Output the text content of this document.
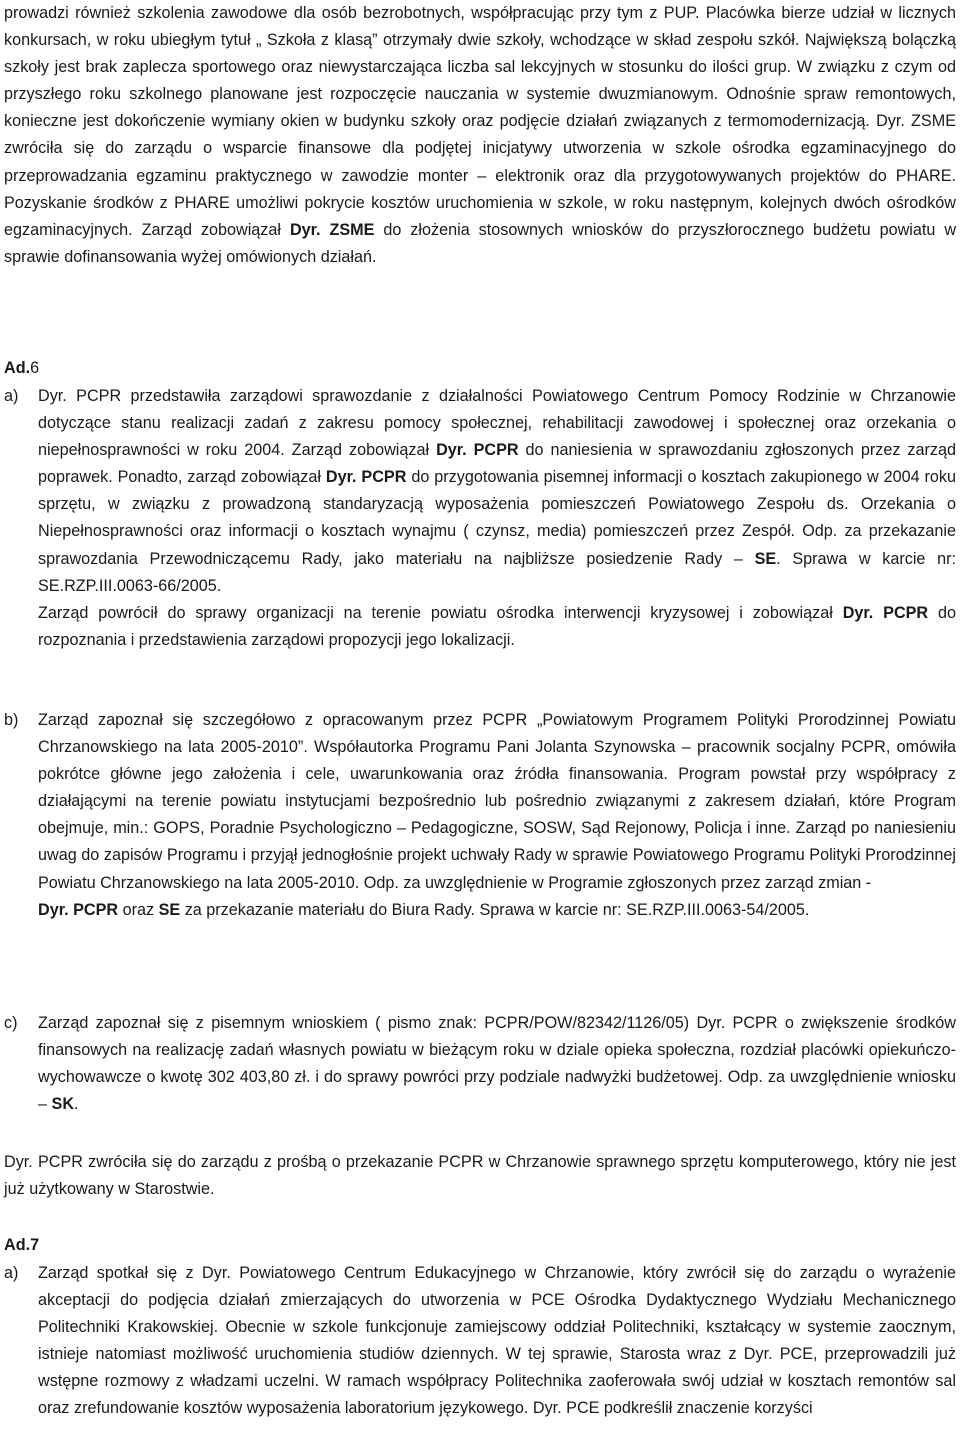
prowadzi również szkolenia zawodowe dla osób bezrobotnych, współpracując przy tym z PUP. Placówka bierze udział w licznych konkursach, w roku ubiegłym tytuł „ Szkoła z klasą” otrzymały dwie szkoły, wchodzące w skład zespołu szkół. Największą bolączką szkoły jest brak zaplecza sportowego oraz niewystarczająca liczba sal lekcyjnych w stosunku do ilości grup. W związku z czym od przyszłego roku szkolnego planowane jest rozpoczęcie nauczania w systemie dwuzmianowym. Odnośnie spraw remontowych, konieczne jest dokończenie wymiany okien w budynku szkoły oraz podjęcie działań związanych z termomodernizacją. Dyr. ZSME zwróciła się do zarządu o wsparcie finansowe dla podjętej inicjatywy utworzenia w szkole ośrodka egzaminacyjnego do przeprowadzania egzaminu praktycznego w zawodzie monter – elektronik oraz dla przygotowywanych projektów do PHARE. Pozyskanie środków z PHARE umożliwi pokrycie kosztów uruchomienia w szkole, w roku następnym, kolejnych dwóch ośrodków egzaminacyjnych. Zarząd zobowiązał Dyr. ZSME do złożenia stosownych wniosków do przyszłorocznego budżetu powiatu w sprawie dofinansowania wyżej omówionych działań.

Ad.6

a)	Dyr. PCPR przedstawiła zarządowi sprawozdanie z działalności Powiatowego Centrum Pomocy Rodzinie w Chrzanowie dotyczące stanu realizacji zadań z zakresu pomocy społecznej, rehabilitacji zawodowej i społecznej oraz orzekania o niepełnosprawności w roku 2004. Zarząd zobowiązał Dyr. PCPR do naniesienia w sprawozdaniu zgłoszonych przez zarząd poprawek. Ponadto, zarząd zobowiązał Dyr. PCPR do przygotowania pisemnej informacji o kosztach zakupionego w 2004 roku sprzętu, w związku z prowadzoną standaryzacją wyposażenia pomieszczeń Powiatowego Zespołu ds. Orzekania o Niepełnosprawności oraz informacji o kosztach wynajmu ( czynsz, media) pomieszczeń przez Zespół. Odp. za przekazanie sprawozdania Przewodniczącemu Rady, jako materiału na najbliższe posiedzenie Rady – SE. Sprawa w karcie nr: SE.RZP.III.0063-66/2005.

Zarząd powrócił do sprawy organizacji na terenie powiatu ośrodka interwencji kryzysowej i zobowiązał Dyr. PCPR do rozpoznania i przedstawienia zarządowi propozycji jego lokalizacji.

b)	Zarząd zapoznał się szczegółowo z opracowanym przez PCPR „Powiatowym Programem Polityki Prorodzinnej Powiatu Chrzanowskiego na lata 2005-2010”. Współautorka Programu Pani Jolanta Szynowska – pracownik socjalny PCPR, omówiła pokrótce główne jego założenia i cele, uwarunkowania oraz źródła finansowania. Program powstał przy współpracy z działającymi na terenie powiatu instytucjami bezpośrednio lub pośrednio związanymi z zakresem działań, które Program obejmuje, min.: GOPS, Poradnie Psychologiczno – Pedagogiczne, SOSW, Sąd Rejonowy, Policja i inne. Zarząd po naniesieniu uwag do zapisów Programu i przyjął jednogłośnie projekt uchwały Rady w sprawie Powiatowego Programu Polityki Prorodzinnej Powiatu Chrzanowskiego na lata 2005-2010. Odp. za uwzględnienie w Programie zgłoszonych przez zarząd zmian -
Dyr. PCPR oraz SE za przekazanie materiału do Biura Rady. Sprawa w karcie nr: SE.RZP.III.0063-54/2005.
c)	Zarząd zapoznał się z pisemnym wnioskiem ( pismo znak: PCPR/POW/82342/1126/05) Dyr. PCPR o zwiększenie środków finansowych na realizację zadań własnych powiatu w bieżącym roku w dziale opieka społeczna, rozdział placówki opiekuńczo-wychowawcze o kwotę 302 403,80 zł. i do sprawy powróci przy podziale nadwyżki budżetowej. Odp. za uwzględnienie wniosku – SK.

Dyr. PCPR zwróciła się do zarządu z prośbą o przekazanie PCPR w Chrzanowie sprawnego sprzętu komputerowego, który nie jest już użytkowany w Starostwie.

Ad.7

a)	Zarząd spotkał się z Dyr. Powiatowego Centrum Edukacyjnego w Chrzanowie, który zwrócił się do zarządu o wyrażenie akceptacji do podjęcia działań zmierzających do utworzenia w PCE Ośrodka Dydaktycznego Wydziału Mechanicznego Politechniki Krakowskiej. Obecnie w szkole funkcjonuje zamiejscowy oddział Politechniki, kształcący w systemie zaocznym, istnieje natomiast możliwość uruchomienia studiów dziennych. W tej sprawie, Starosta wraz z Dyr. PCE, przeprowadzili już wstępne rozmowy z władzami uczelni. W ramach współpracy Politechnika zaoferowała swój udział w kosztach remontów sal oraz zrefundowanie kosztów wyposażenia laboratorium językowego. Dyr. PCE podkreślił znaczenie korzyści
